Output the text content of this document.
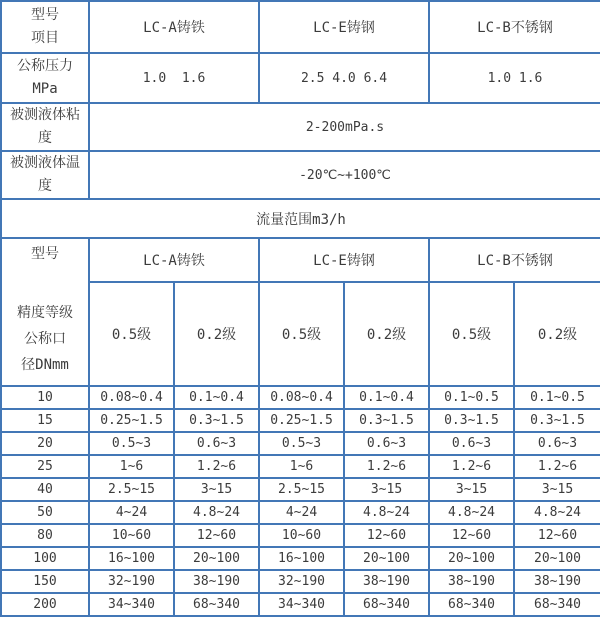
型号
项目	LC-A铸铁		LC-E铸钢		LC-B不锈钢	

公称压力
MPa	1.0  1.6		2.5 4.0 6.4		1.0 1.6	

被测液体粘
度	2-200mPa.s					

被测液体温
度	-20℃~+100℃					
流量范围m3/h						

型号
精度等级
公称口
径DNmm	LC-A铸铁		LC-E铸钢		LC-B不锈钢	
	0.5级	0.2级	0.5级	0.2级	0.5级	0.2级
10	0.08~0.4	0.1~0.4	0.08~0.4	0.1~0.4	0.1~0.5	0.1~0.5
15	0.25~1.5	0.3~1.5	0.25~1.5	0.3~1.5	0.3~1.5	0.3~1.5
20	0.5~3	0.6~3	0.5~3	0.6~3	0.6~3	0.6~3
25	1~6	1.2~6	1~6	1.2~6	1.2~6	1.2~6
40	2.5~15	3~15	2.5~15	3~15	3~15	3~15
50	4~24	4.8~24	4~24	4.8~24	4.8~24	4.8~24
80	10~60	12~60	10~60	12~60	12~60	12~60
100	16~100	20~100	16~100	20~100	20~100	20~100
150	32~190	38~190	32~190	38~190	38~190	38~190
200	34~340	68~340	34~340	68~340	68~340	68~340
